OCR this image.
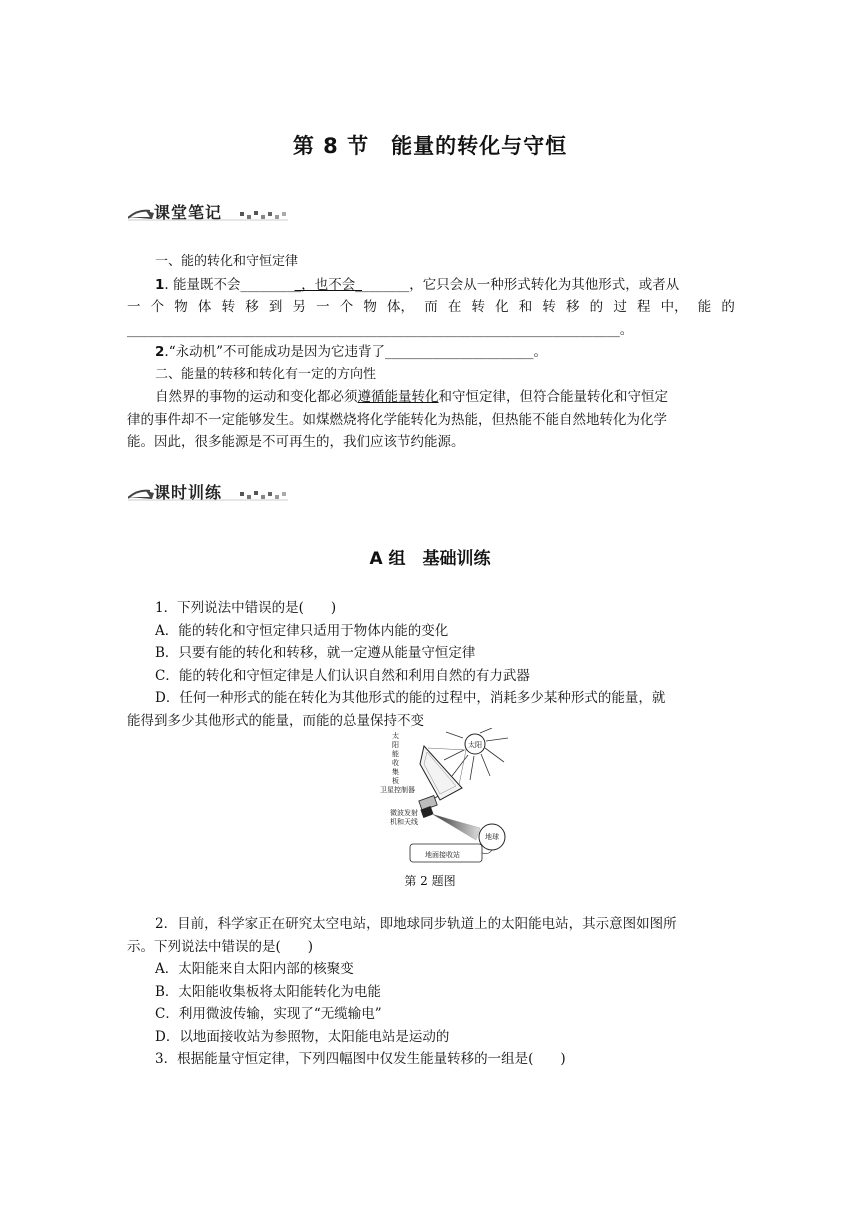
第 8 节　能量的转化与守恒
课堂笔记
一、能的转化和守恒定律
1. 能量既不会_________，也不会________，它只会从一种形式转化为其他形式，或者从
一 个 物 体 转 移 到 另 一 个 物 体， 而 在 转 化 和 转 移 的 过 程 中， 能 的
_________________________________________________________________________。
2.“永动机”不可能成功是因为它违背了______________________。
二、能量的转移和转化有一定的方向性
自然界的事物的运动和变化都必须遵循能量转化和守恒定律，但符合能量转化和守恒定
律的事件却不一定能够发生。如煤燃烧将化学能转化为热能，但热能不能自然地转化为化学
能。因此，很多能源是不可再生的，我们应该节约能源。
课时训练
A 组　基础训练
1．下列说法中错误的是(　　)
A．能的转化和守恒定律只适用于物体内能的变化
B．只要有能的转化和转移，就一定遵从能量守恒定律
C．能的转化和守恒定律是人们认识自然和利用自然的有力武器
D．任何一种形式的能在转化为其他形式的能的过程中，消耗多少某种形式的能量，就
能得到多少其他形式的能量，而能的总量保持不变
太阳
太
阳
能
收
集
板
卫星控制器
微波发射
机和天线
地球
地面接收站
第 2 题图
2．目前，科学家正在研究太空电站，即地球同步轨道上的太阳能电站，其示意图如图所
示。下列说法中错误的是(　　)
A．太阳能来自太阳内部的核聚变
B．太阳能收集板将太阳能转化为电能
C．利用微波传输，实现了“无缆输电”
D．以地面接收站为参照物，太阳能电站是运动的
3．根据能量守恒定律，下列四幅图中仅发生能量转移的一组是(　　)
